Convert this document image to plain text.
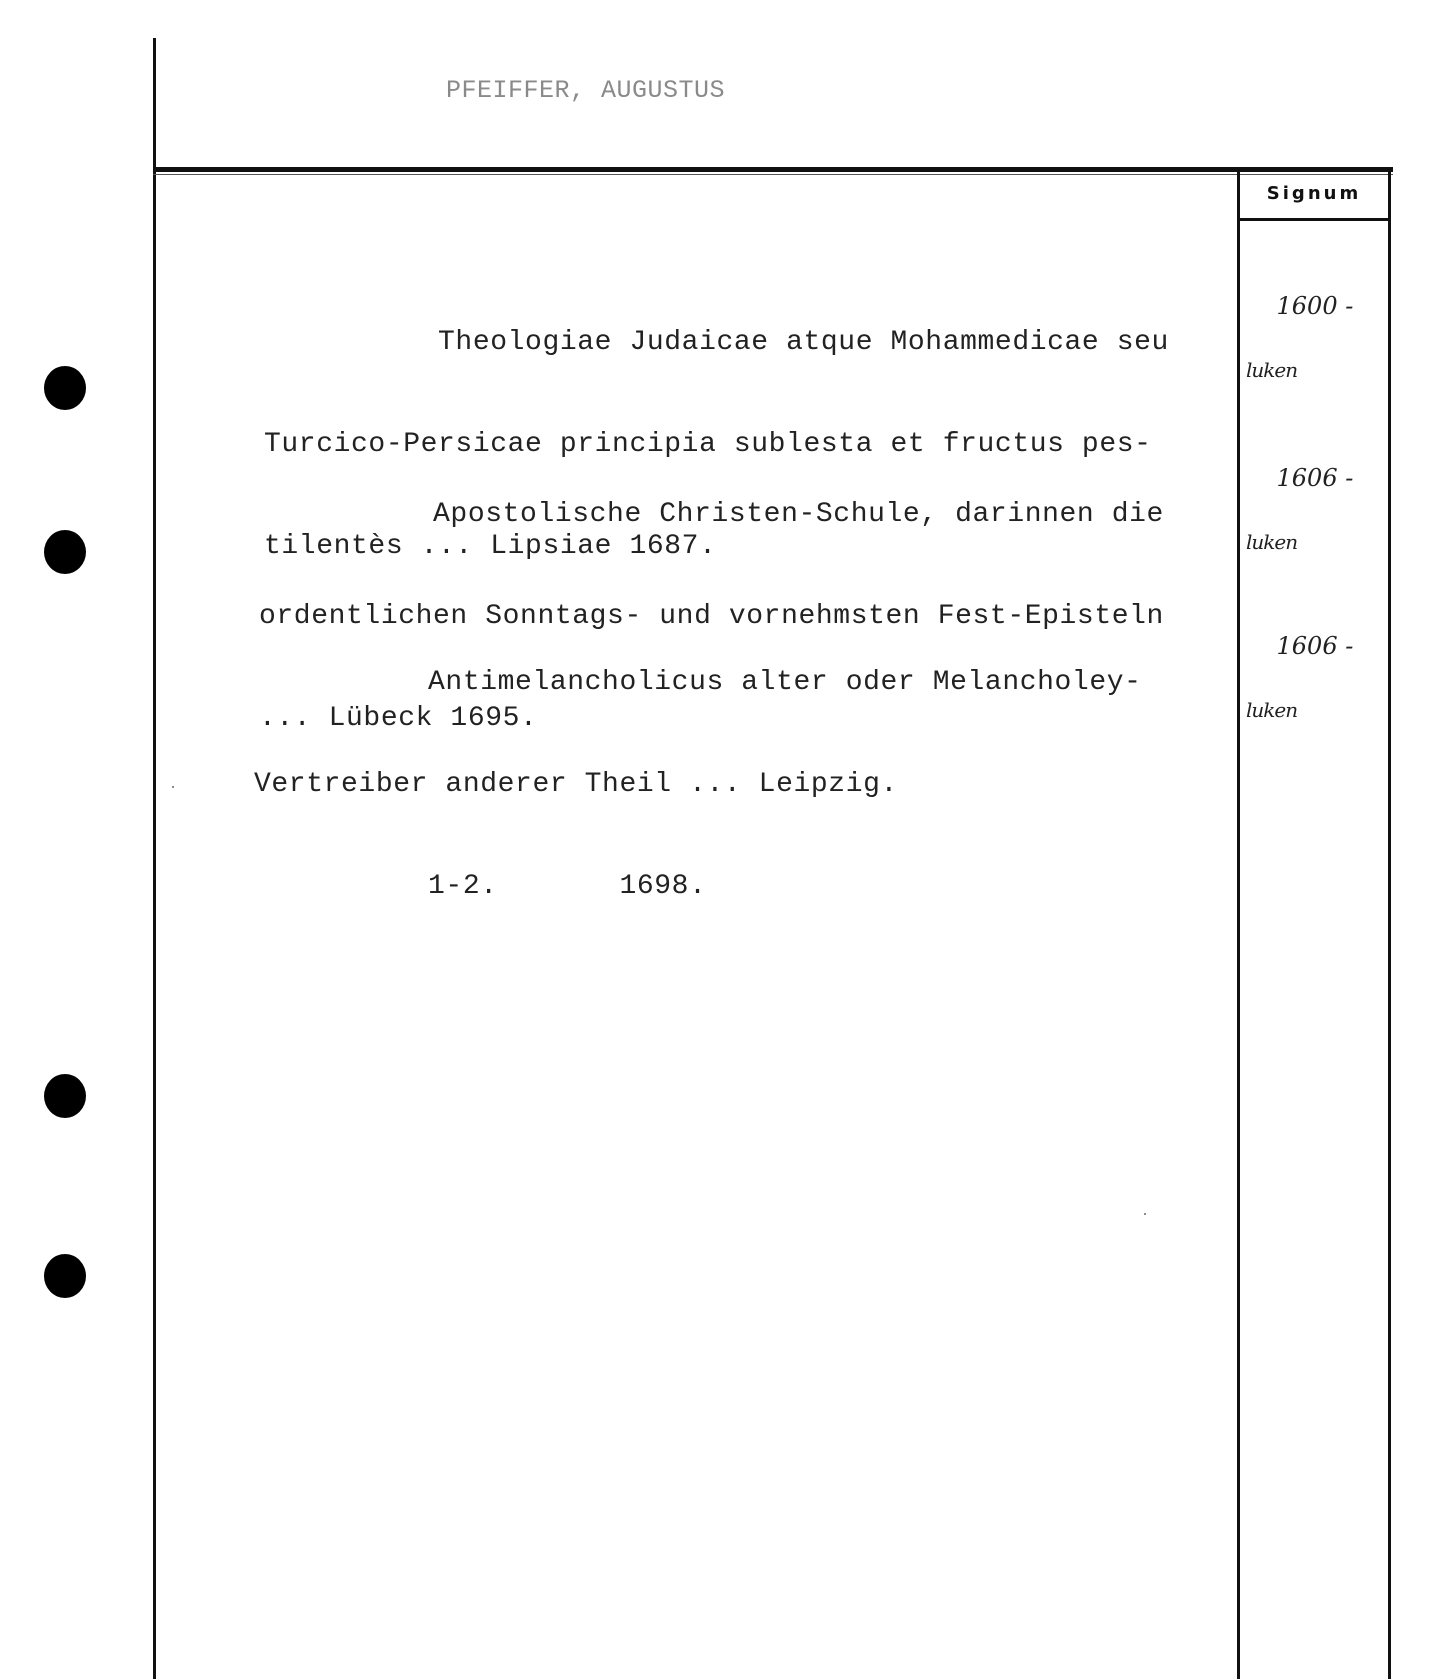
PFEIFFER, AUGUSTUS
Signum

Theologiae Judaicae atque Mohammedicae seu

Turcico-Persicae principia sublesta et fructus pes-

tilentès ... Lipsiae 1687.

1600 -

luken

Apostolische Christen-Schule, darinnen die

ordentlichen Sonntags- und vornehmsten Fest-Episteln

... Lübeck 1695.

1606 -

luken

Antimelancholicus alter oder Melancholey-

Vertreiber anderer Theil ... Leipzig.

1-2.       1698.

1606 -

luken
